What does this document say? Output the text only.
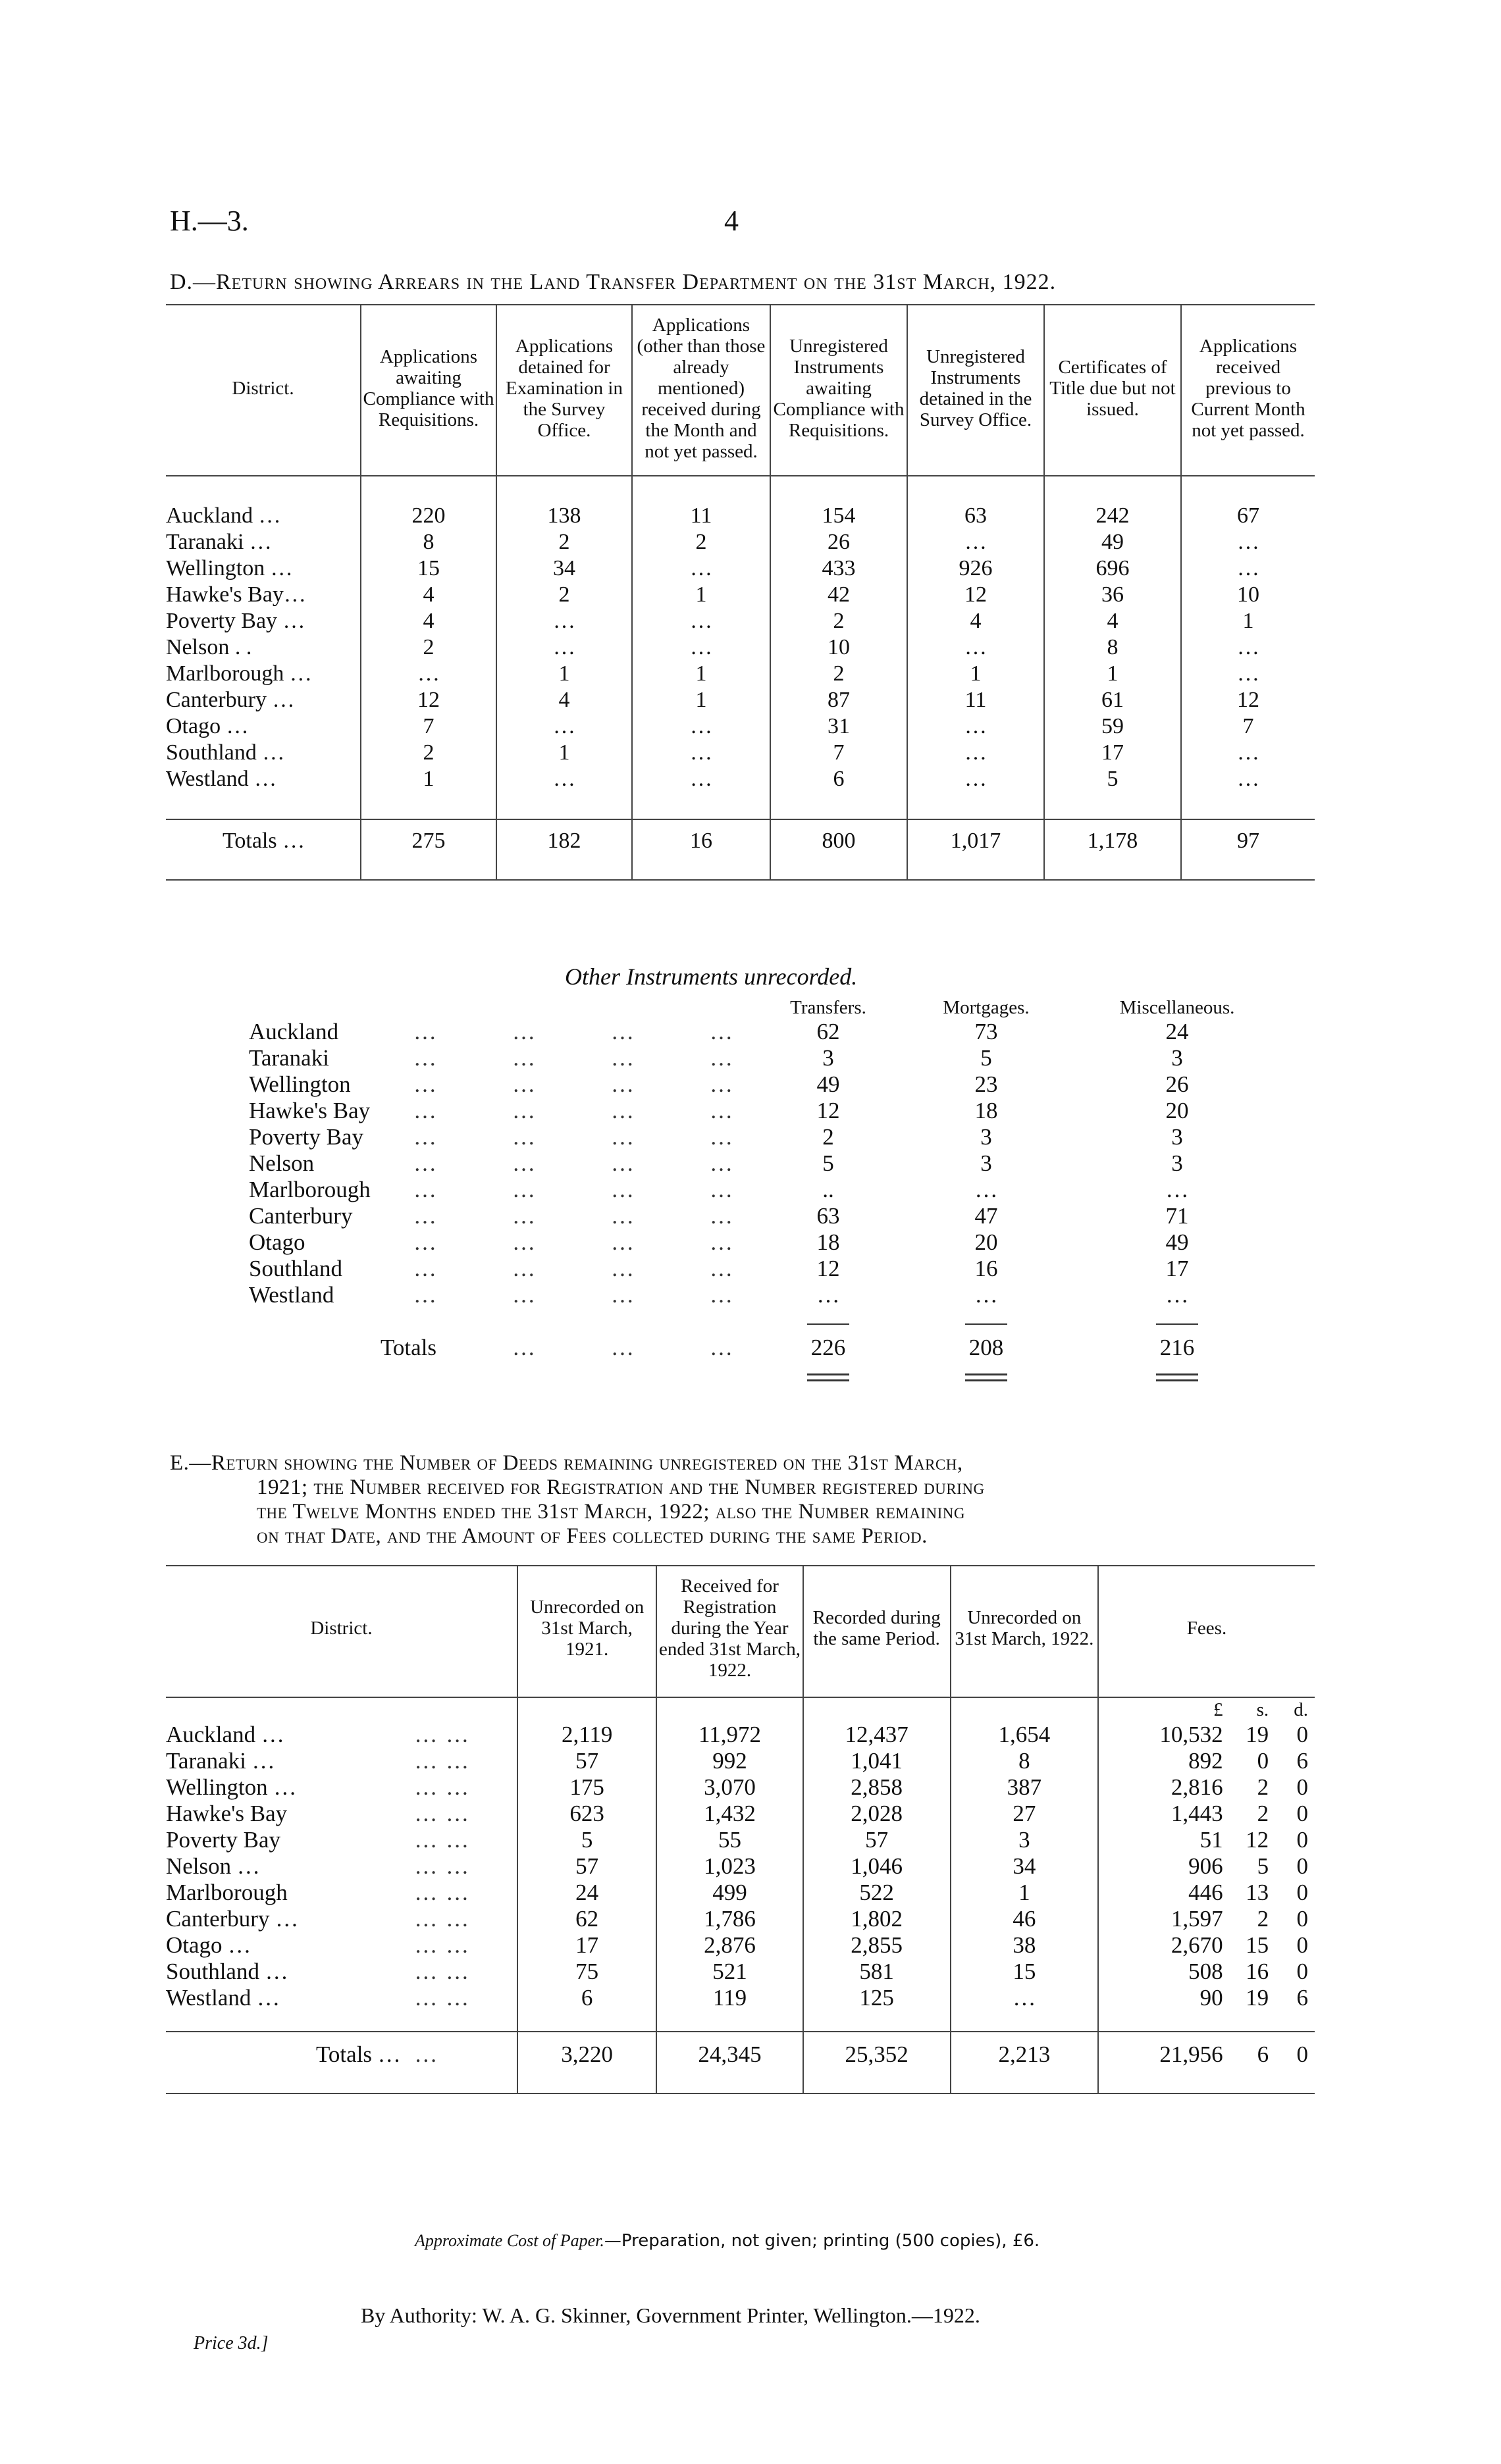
H.—3.	4
D.—Return showing Arrears in the Land Transfer Department on the 31st March, 1922.
District.	Applications awaiting Compliance with Requisitions.	Applications detained for Examination in the Survey Office.	Applications (other than those already mentioned) received during the Month and not yet passed.	Unregistered Instruments awaiting Compliance with Requisitions.	Unregistered Instruments detained in the Survey Office.	Certificates of Title due but not issued.	Applications received previous to Current Month not yet passed.

Auckland …	220	138	11	154	63	242	67
Taranaki …	8	2	2	26	…	49	…
Wellington …	15	34	…	433	926	696	…
Hawke's Bay…	4	2	1	42	12	36	10
Poverty Bay …	4	…	…	2	4	4	1
Nelson . .	2	…	…	10	…	8	…
Marlborough …	…	1	1	2	1	1	…
Canterbury …	12	4	1	87	11	61	12
Otago …	7	…	…	31	…	59	7
Southland …	2	1	…	7	…	17	…
Westland …	1	…	…	6	…	5	…

Totals …	275	182	16	800	1,017	1,178	97

Other Instruments unrecorded.
					Transfers.	Mortgages.	Miscellaneous.
Auckland	…	…	…	…	62	73	24
Taranaki	…	…	…	…	3	5	3
Wellington	…	…	…	…	49	23	26
Hawke's Bay	…	…	…	…	12	18	20
Poverty Bay	…	…	…	…	2	3	3
Nelson	…	…	…	…	5	3	3
Marlborough	…	…	…	…	..	…	…
Canterbury	…	…	…	…	63	47	71
Otago	…	…	…	…	18	20	49
Southland	…	…	…	…	12	16	17
Westland	…	…	…	…	…	…	…

Totals		…	…	…	226	208	216

E.—Return showing the Number of Deeds remaining unregistered on the 31st March,
1921; the Number received for Registration and the Number registered during
the Twelve Months ended the 31st March, 1922; also the Number remaining
on that Date, and the Amount of Fees collected during the same Period.
District.		Unrecorded on 31st March, 1921.	Received for Registration during the Year ended 31st March, 1922.	Recorded during the same Period.	Unrecorded on 31st March, 1922.	Fees.		
						£	s.	d.
Auckland …	… …	2,119	11,972	12,437	1,654	10,532	19	0
Taranaki …	… …	57	992	1,041	8	892	0	6
Wellington …	… …	175	3,070	2,858	387	2,816	2	0
Hawke's Bay	… …	623	1,432	2,028	27	1,443	2	0
Poverty Bay	… …	5	55	57	3	51	12	0
Nelson …	… …	57	1,023	1,046	34	906	5	0
Marlborough	… …	24	499	522	1	446	13	0
Canterbury …	… …	62	1,786	1,802	46	1,597	2	0
Otago …	… …	17	2,876	2,855	38	2,670	15	0
Southland …	… …	75	521	581	15	508	16	0
Westland …	… …	6	119	125	…	90	19	6

Totals …	…	3,220	24,345	25,352	2,213	21,956	6	0

Approximate Cost of Paper.—Preparation, not given; printing (500 copies), £6.
By Authority: W. A. G. Skinner, Government Printer, Wellington.—1922.
Price 3d.]
